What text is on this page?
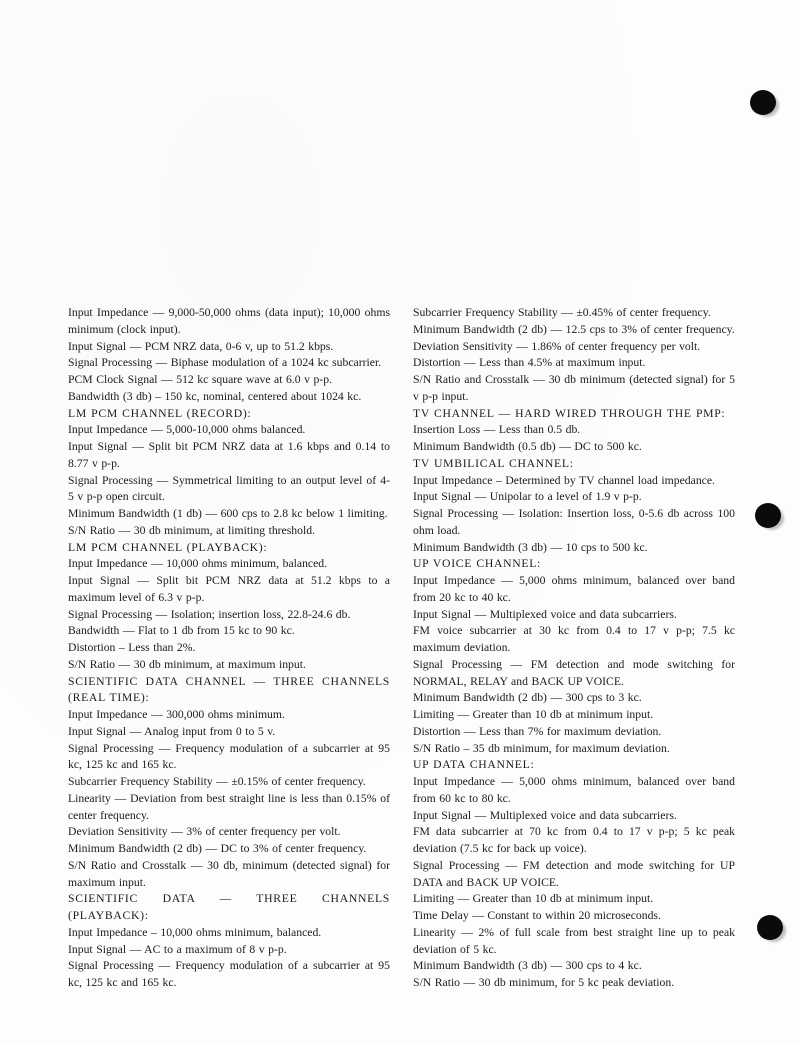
Input Impedance — 9,000-50,000 ohms (data input); 10,000 ohms minimum (clock input).

Input Signal — PCM NRZ data, 0-6 v, up to 51.2 kbps.

Signal Processing — Biphase modulation of a 1024 kc subcarrier.

PCM Clock Signal — 512 kc square wave at 6.0 v p-p.

Bandwidth (3 db) – 150 kc, nominal, centered about 1024 kc.

LM PCM CHANNEL (RECORD):

Input Impedance — 5,000-10,000 ohms balanced.

Input Signal — Split bit PCM NRZ data at 1.6 kbps and 0.14 to 8.77 v p-p.

Signal Processing — Symmetrical limiting to an output level of 4-5 v p-p open circuit.

Minimum Bandwidth (1 db) — 600 cps to 2.8 kc below 1 limiting.

S/N Ratio — 30 db minimum, at limiting threshold.

LM PCM CHANNEL (PLAYBACK):

Input Impedance — 10,000 ohms minimum, balanced.

Input Signal — Split bit PCM NRZ data at 51.2 kbps to a maximum level of 6.3 v p-p.

Signal Processing — Isolation; insertion loss, 22.8-24.6 db.

Bandwidth — Flat to 1 db from 15 kc to 90 kc.

Distortion – Less than 2%.

S/N Ratio — 30 db minimum, at maximum input.

SCIENTIFIC DATA CHANNEL — THREE CHANNELS (REAL TIME):

Input Impedance — 300,000 ohms minimum.

Input Signal — Analog input from 0 to 5 v.

Signal Processing — Frequency modulation of a subcarrier at 95 kc, 125 kc and 165 kc.

Subcarrier Frequency Stability — ±0.15% of center frequency.

Linearity — Deviation from best straight line is less than 0.15% of center frequency.

Deviation Sensitivity — 3% of center frequency per volt.

Minimum Bandwidth (2 db) — DC to 3% of center frequency.

S/N Ratio and Crosstalk — 30 db, minimum (detected signal) for maximum input.

SCIENTIFIC DATA — THREE CHANNELS (PLAYBACK):

Input Impedance – 10,000 ohms minimum, balanced.

Input Signal — AC to a maximum of 8 v p-p.

Signal Processing — Frequency modulation of a subcarrier at 95 kc, 125 kc and 165 kc.

Subcarrier Frequency Stability — ±0.45% of center frequency.

Minimum Bandwidth (2 db) — 12.5 cps to 3% of center frequency.

Deviation Sensitivity — 1.86% of center frequency per volt.

Distortion — Less than 4.5% at maximum input.

S/N Ratio and Crosstalk — 30 db minimum (detected signal) for 5 v p-p input.

TV CHANNEL — HARD WIRED THROUGH THE PMP:

Insertion Loss — Less than 0.5 db.

Minimum Bandwidth (0.5 db) — DC to 500 kc.

TV UMBILICAL CHANNEL:

Input Impedance – Determined by TV channel load impedance.

Input Signal — Unipolar to a level of 1.9 v p-p.

Signal Processing — Isolation: Insertion loss, 0-5.6 db across 100 ohm load.

Minimum Bandwidth (3 db) — 10 cps to 500 kc.

UP VOICE CHANNEL:

Input Impedance — 5,000 ohms minimum, balanced over band from 20 kc to 40 kc.

Input Signal — Multiplexed voice and data subcarriers.

FM voice subcarrier at 30 kc from 0.4 to 17 v p-p; 7.5 kc maximum deviation.

Signal Processing — FM detection and mode switching for NORMAL, RELAY and BACK UP VOICE.

Minimum Bandwidth (2 db) — 300 cps to 3 kc.

Limiting — Greater than 10 db at minimum input.

Distortion — Less than 7% for maximum deviation.

S/N Ratio – 35 db minimum, for maximum deviation.

UP DATA CHANNEL:

Input Impedance — 5,000 ohms minimum, balanced over band from 60 kc to 80 kc.

Input Signal — Multiplexed voice and data subcarriers.

FM data subcarrier at 70 kc from 0.4 to 17 v p-p; 5 kc peak deviation (7.5 kc for back up voice).

Signal Processing — FM detection and mode switching for UP DATA and BACK UP VOICE.

Limiting — Greater than 10 db at minimum input.

Time Delay — Constant to within 20 microseconds.

Linearity — 2% of full scale from best straight line up to peak deviation of 5 kc.

Minimum Bandwidth (3 db) — 300 cps to 4 kc.

S/N Ratio — 30 db minimum, for 5 kc peak deviation.
